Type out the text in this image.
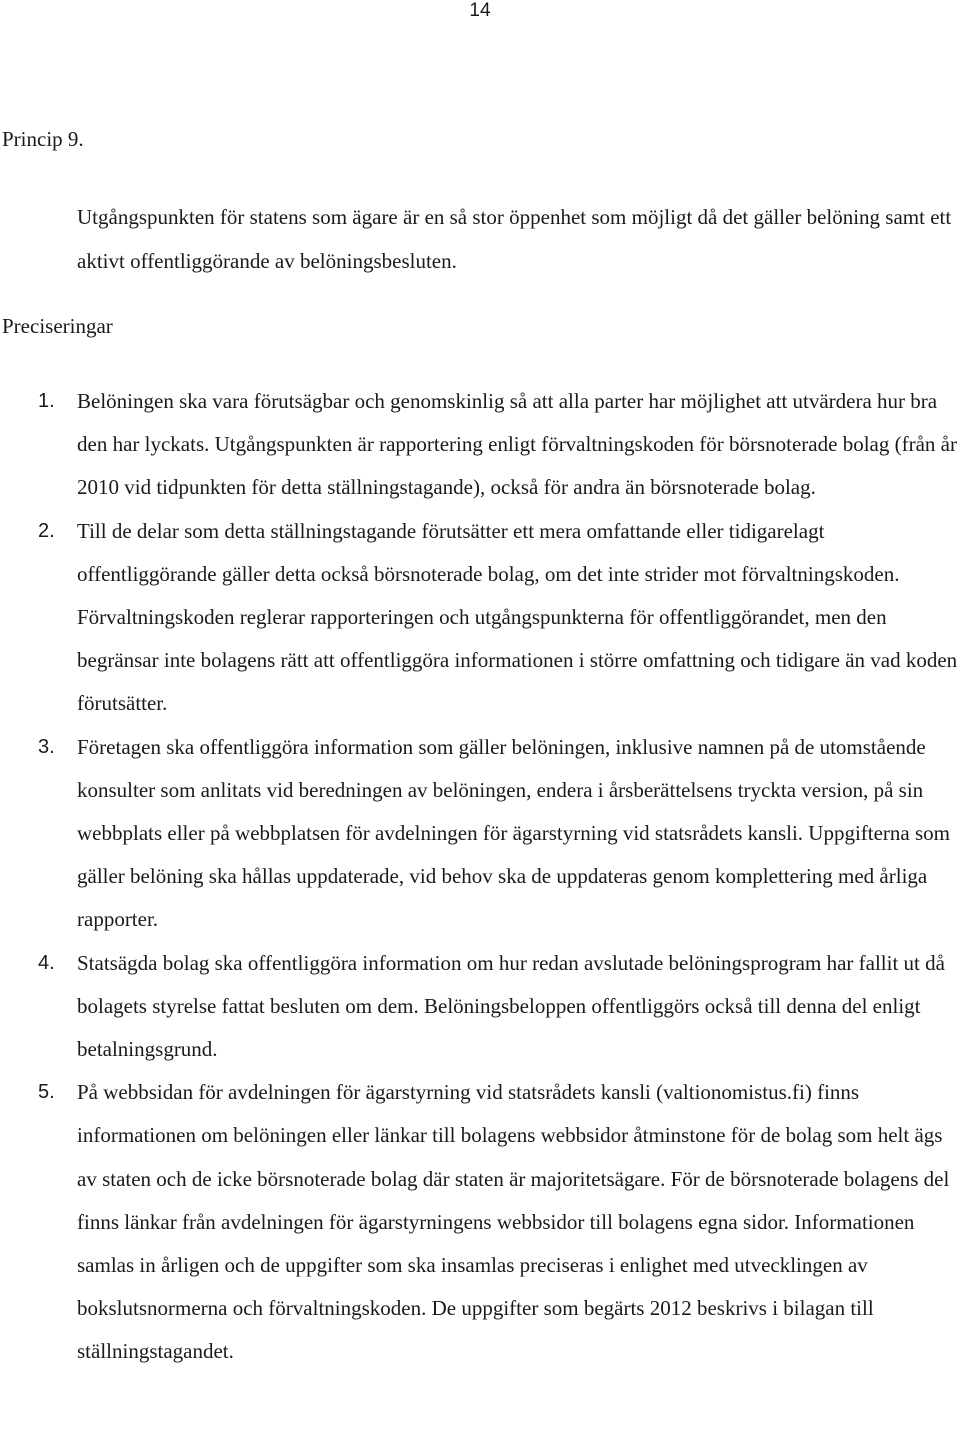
14
Princip 9.

Utgångspunkten för statens som ägare är en så stor öppenhet som möjligt då det gäller belöning samt ett aktivt offentliggörande av belöningsbesluten.

Preciseringar
1. Belöningen ska vara förutsägbar och genomskinlig så att alla parter har möjlighet att utvärdera hur bra den har lyckats. Utgångspunkten är rapportering enligt förvaltningskoden för börsnoterade bolag (från år 2010 vid tidpunkten för detta ställningstagande), också för andra än börsnoterade bolag.
2. Till de delar som detta ställningstagande förutsätter ett mera omfattande eller tidigarelagt offentliggörande gäller detta också börsnoterade bolag, om det inte strider mot förvaltningskoden. Förvaltningskoden reglerar rapporteringen och utgångspunkterna för offentliggörandet, men den begränsar inte bolagens rätt att offentliggöra informationen i större omfattning och tidigare än vad koden förutsätter.
3. Företagen ska offentliggöra information som gäller belöningen, inklusive namnen på de utomstående konsulter som anlitats vid beredningen av belöningen, endera i årsberättelsens tryckta version, på sin webbplats eller på webbplatsen för avdelningen för ägarstyrning vid statsrådets kansli. Uppgifterna som gäller belöning ska hållas uppdaterade, vid behov ska de uppdateras genom komplettering med årliga rapporter.
4. Statsägda bolag ska offentliggöra information om hur redan avslutade belöningsprogram har fallit ut då bolagets styrelse fattat besluten om dem. Belöningsbeloppen offentliggörs också till denna del enligt betalningsgrund.
5. På webbsidan för avdelningen för ägarstyrning vid statsrådets kansli (valtionomistus.fi) finns informationen om belöningen eller länkar till bolagens webbsidor åtminstone för de bolag som helt ägs av staten och de icke börsnoterade bolag där staten är majoritetsägare. För de börsnoterade bolagens del finns länkar från avdelningen för ägarstyrningens webbsidor till bolagens egna sidor. Informationen samlas in årligen och de uppgifter som ska insamlas preciseras i enlighet med utvecklingen av bokslutsnormerna och förvaltningskoden. De uppgifter som begärts 2012 beskrivs i bilagan till ställningstagandet.
